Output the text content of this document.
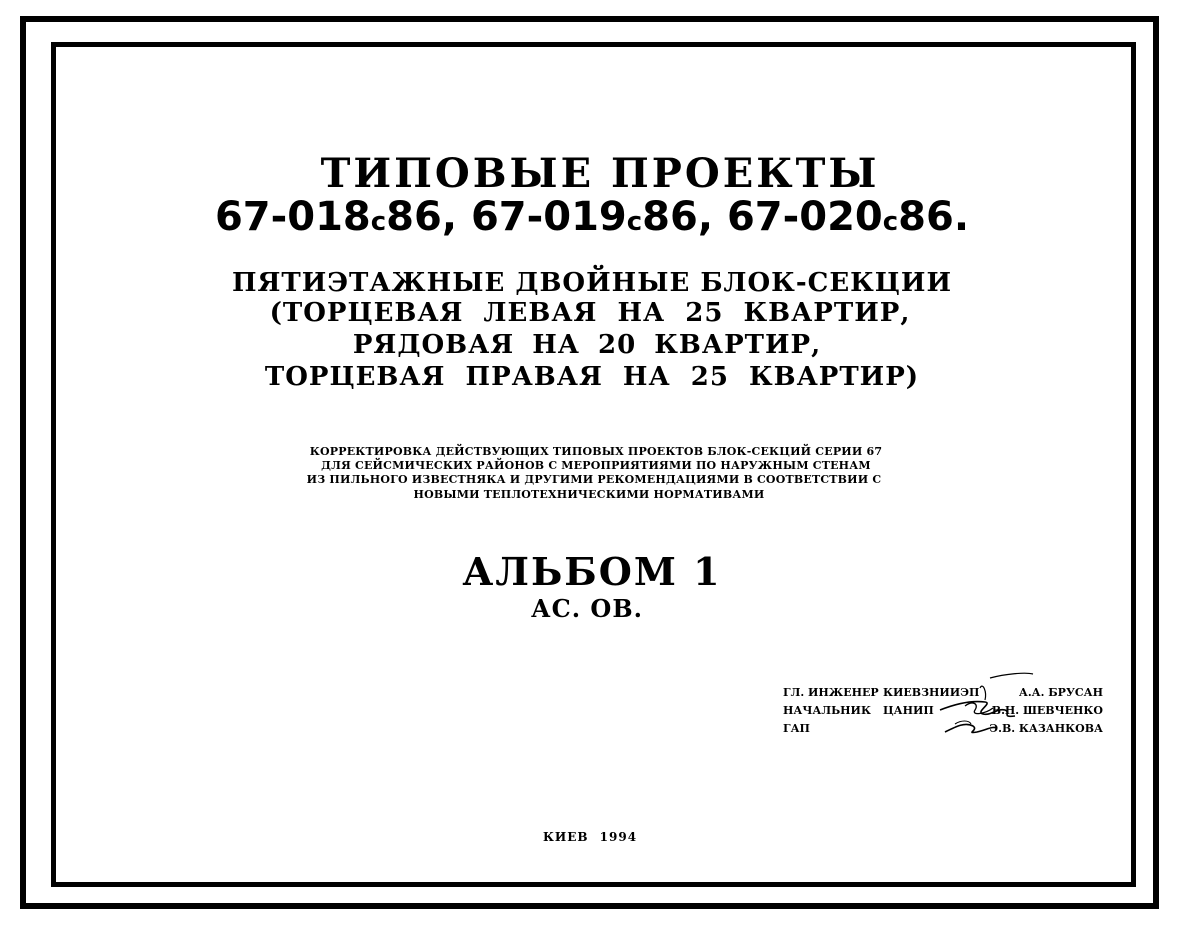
ТИПОВЫЕ ПРОЕКТЫ
67-018с86, 67-019с86, 67-020с86.
ПЯТИЭТАЖНЫЕ ДВОЙНЫЕ БЛОК-СЕКЦИИ
(ТОРЦЕВАЯ ЛЕВАЯ НА 25 КВАРТИР,
РЯДОВАЯ НА 20 КВАРТИР,
ТОРЦЕВАЯ ПРАВАЯ НА 25 КВАРТИР)
КОРРЕКТИРОВКА ДЕЙСТВУЮЩИХ ТИПОВЫХ ПРОЕКТОВ БЛОК-СЕКЦИЙ СЕРИИ 67
ДЛЯ СЕЙСМИЧЕСКИХ РАЙОНОВ С МЕРОПРИЯТИЯМИ ПО НАРУЖНЫМ СТЕНАМ
ИЗ ПИЛЬНОГО ИЗВЕСТНЯКА И ДРУГИМИ РЕКОМЕНДАЦИЯМИ В СООТВЕТСТВИИ С
НОВЫМИ ТЕПЛОТЕХНИЧЕСКИМИ НОРМАТИВАМИ
АЛЬБОМ 1
АС. ОВ.
ГЛ. ИНЖЕНЕР КИЕВЗНИИЭП	А.А. БРУСАН
НАЧАЛЬНИК ЦАНИП	В.Н. ШЕВЧЕНКО
ГАП	Э.В. КАЗАНКОВА
КИЕВ 1994
